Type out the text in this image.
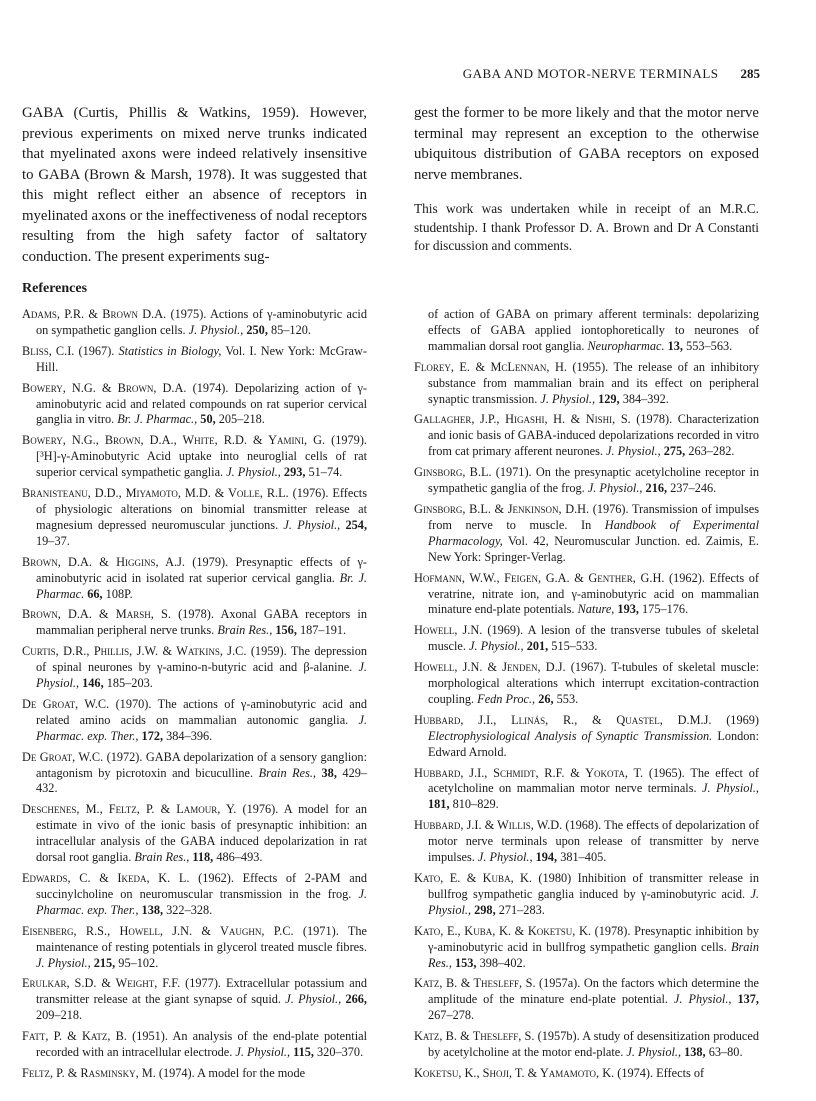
GABA AND MOTOR-NERVE TERMINALS 285

GABA (Curtis, Phillis & Watkins, 1959). However, previous experiments on mixed nerve trunks indicated that myelinated axons were indeed relatively insensitive to GABA (Brown & Marsh, 1978). It was suggested that this might reflect either an absence of receptors in myelinated axons or the ineffectiveness of nodal receptors resulting from the high safety factor of saltatory conduction. The present experiments sug-

gest the former to be more likely and that the motor nerve terminal may represent an exception to the otherwise ubiquitous distribution of GABA receptors on exposed nerve membranes.

This work was undertaken while in receipt of an M.R.C. studentship. I thank Professor D. A. Brown and Dr A Constanti for discussion and comments.

References

Adams, P.R. & Brown D.A. (1975). Actions of γ-aminobutyric acid on sympathetic ganglion cells. J. Physiol., 250, 85–120.

Bliss, C.I. (1967). Statistics in Biology, Vol. I. New York: McGraw-Hill.

Bowery, N.G. & Brown, D.A. (1974). Depolarizing action of γ-aminobutyric acid and related compounds on rat superior cervical ganglia in vitro. Br. J. Pharmac., 50, 205–218.

Bowery, N.G., Brown, D.A., White, R.D. & Yamini, G. (1979). [³H]-γ-Aminobutyric Acid uptake into neuroglial cells of rat superior cervical sympathetic ganglia. J. Physiol., 293, 51–74.

Branisteanu, D.D., Miyamoto, M.D. & Volle, R.L. (1976). Effects of physiologic alterations on binomial transmitter release at magnesium depressed neuromuscular junctions. J. Physiol., 254, 19–37.

Brown, D.A. & Higgins, A.J. (1979). Presynaptic effects of γ-aminobutyric acid in isolated rat superior cervical ganglia. Br. J. Pharmac. 66, 108P.

Brown, D.A. & Marsh, S. (1978). Axonal GABA receptors in mammalian peripheral nerve trunks. Brain Res., 156, 187–191.

Curtis, D.R., Phillis, J.W. & Watkins, J.C. (1959). The depression of spinal neurones by γ-amino-n-butyric acid and β-alanine. J. Physiol., 146, 185–203.

De Groat, W.C. (1970). The actions of γ-aminobutyric acid and related amino acids on mammalian autonomic ganglia. J. Pharmac. exp. Ther., 172, 384–396.

De Groat, W.C. (1972). GABA depolarization of a sensory ganglion: antagonism by picrotoxin and bicuculline. Brain Res., 38, 429–432.

Deschenes, M., Feltz, P. & Lamour, Y. (1976). A model for an estimate in vivo of the ionic basis of presynaptic inhibition: an intracellular analysis of the GABA induced depolarization in rat dorsal root ganglia. Brain Res., 118, 486–493.

Edwards, C. & Ikeda, K. L. (1962). Effects of 2-PAM and succinylcholine on neuromuscular transmission in the frog. J. Pharmac. exp. Ther., 138, 322–328.

Eisenberg, R.S., Howell, J.N. & Vaughn, P.C. (1971). The maintenance of resting potentials in glycerol treated muscle fibres. J. Physiol., 215, 95–102.

Erulkar, S.D. & Weight, F.F. (1977). Extracellular potassium and transmitter release at the giant synapse of squid. J. Physiol., 266, 209–218.

Fatt, P. & Katz, B. (1951). An analysis of the end-plate potential recorded with an intracellular electrode. J. Physiol., 115, 320–370.

Feltz, P. & Rasminsky, M. (1974). A model for the mode

of action of GABA on primary afferent terminals: depolarizing effects of GABA applied iontophoretically to neurones of mammalian dorsal root ganglia. Neuropharmac. 13, 553–563.

Florey, E. & McLennan, H. (1955). The release of an inhibitory substance from mammalian brain and its effect on peripheral synaptic transmission. J. Physiol., 129, 384–392.

Gallagher, J.P., Higashi, H. & Nishi, S. (1978). Characterization and ionic basis of GABA-induced depolarizations recorded in vitro from cat primary afferent neurones. J. Physiol., 275, 263–282.

Ginsborg, B.L. (1971). On the presynaptic acetylcholine receptor in sympathetic ganglia of the frog. J. Physiol., 216, 237–246.

Ginsborg, B.L. & Jenkinson, D.H. (1976). Transmission of impulses from nerve to muscle. In Handbook of Experimental Pharmacology, Vol. 42, Neuromuscular Junction. ed. Zaimis, E. New York: Springer-Verlag.

Hofmann, W.W., Feigen, G.A. & Genther, G.H. (1962). Effects of veratrine, nitrate ion, and γ-aminobutyric acid on mammalian minature end-plate potentials. Nature, 193, 175–176.

Howell, J.N. (1969). A lesion of the transverse tubules of skeletal muscle. J. Physiol., 201, 515–533.

Howell, J.N. & Jenden, D.J. (1967). T-tubules of skeletal muscle: morphological alterations which interrupt excitation-contraction coupling. Fedn Proc., 26, 553.

Hubbard, J.I., Llinás, R., & Quastel, D.M.J. (1969) Electrophysiological Analysis of Synaptic Transmission. London: Edward Arnold.

Hubbard, J.I., Schmidt, R.F. & Yokota, T. (1965). The effect of acetylcholine on mammalian motor nerve terminals. J. Physiol., 181, 810–829.

Hubbard, J.I. & Willis, W.D. (1968). The effects of depolarization of motor nerve terminals upon release of transmitter by nerve impulses. J. Physiol., 194, 381–405.

Kato, E. & Kuba, K. (1980) Inhibition of transmitter release in bullfrog sympathetic ganglia induced by γ-aminobutyric acid. J. Physiol., 298, 271–283.

Kato, E., Kuba, K. & Koketsu, K. (1978). Presynaptic inhibition by γ-aminobutyric acid in bullfrog sympathetic ganglion cells. Brain Res., 153, 398–402.

Katz, B. & Thesleff, S. (1957a). On the factors which determine the amplitude of the minature end-plate potential. J. Physiol., 137, 267–278.

Katz, B. & Thesleff, S. (1957b). A study of desensitization produced by acetylcholine at the motor end-plate. J. Physiol., 138, 63–80.

Koketsu, K., Shoji, T. & Yamamoto, K. (1974). Effects of
